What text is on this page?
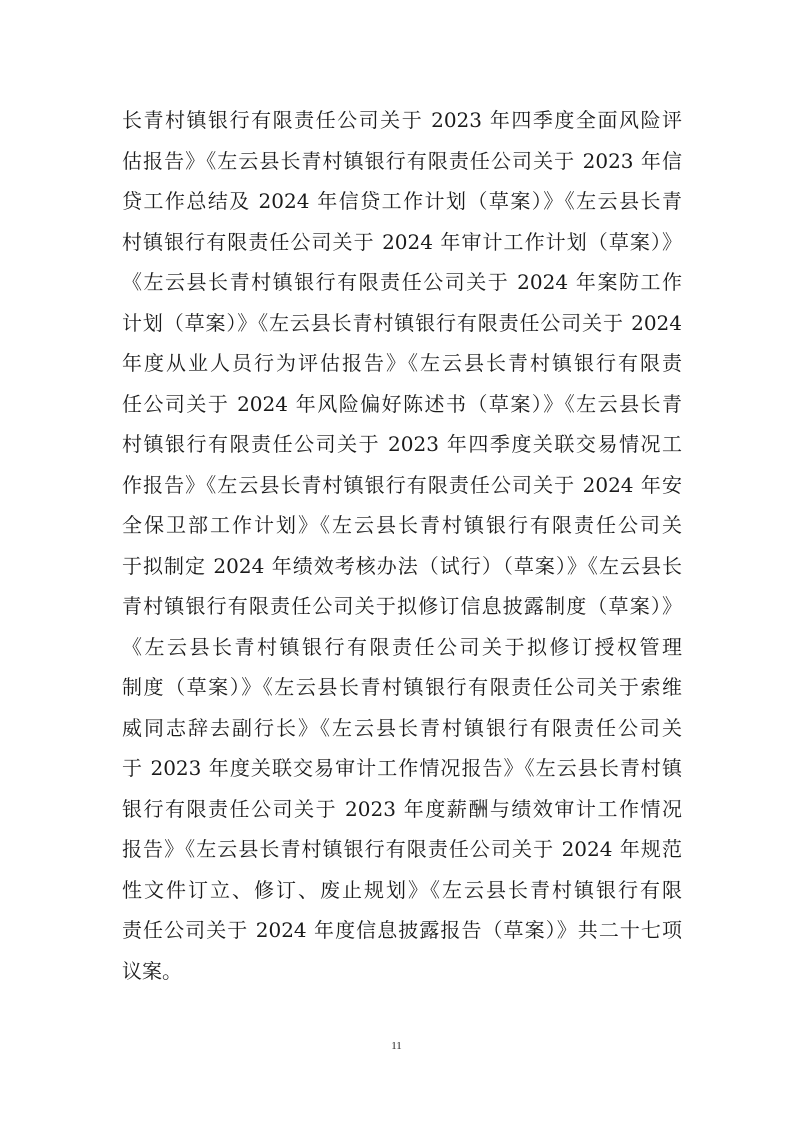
长青村镇银行有限责任公司关于 2023 年四季度全面风险评
估报告》《左云县长青村镇银行有限责任公司关于 2023 年信
贷工作总结及 2024 年信贷工作计划（草案）》《左云县长青
村镇银行有限责任公司关于 2024 年审计工作计划（草案）》
《左云县长青村镇银行有限责任公司关于 2024 年案防工作
计划（草案）》《左云县长青村镇银行有限责任公司关于 2024
年度从业人员行为评估报告》《左云县长青村镇银行有限责
任公司关于 2024 年风险偏好陈述书（草案）》《左云县长青
村镇银行有限责任公司关于 2023 年四季度关联交易情况工
作报告》《左云县长青村镇银行有限责任公司关于 2024 年安
全保卫部工作计划》《左云县长青村镇银行有限责任公司关
于拟制定 2024 年绩效考核办法（试行）（草案）》《左云县长
青村镇银行有限责任公司关于拟修订信息披露制度（草案）》
《左云县长青村镇银行有限责任公司关于拟修订授权管理
制度（草案）》《左云县长青村镇银行有限责任公司关于索维
威同志辞去副行长》《左云县长青村镇银行有限责任公司关
于 2023 年度关联交易审计工作情况报告》《左云县长青村镇
银行有限责任公司关于 2023 年度薪酬与绩效审计工作情况
报告》《左云县长青村镇银行有限责任公司关于 2024 年规范
性文件订立、修订、废止规划》《左云县长青村镇银行有限
责任公司关于 2024 年度信息披露报告（草案）》共二十七项
议案。
11
